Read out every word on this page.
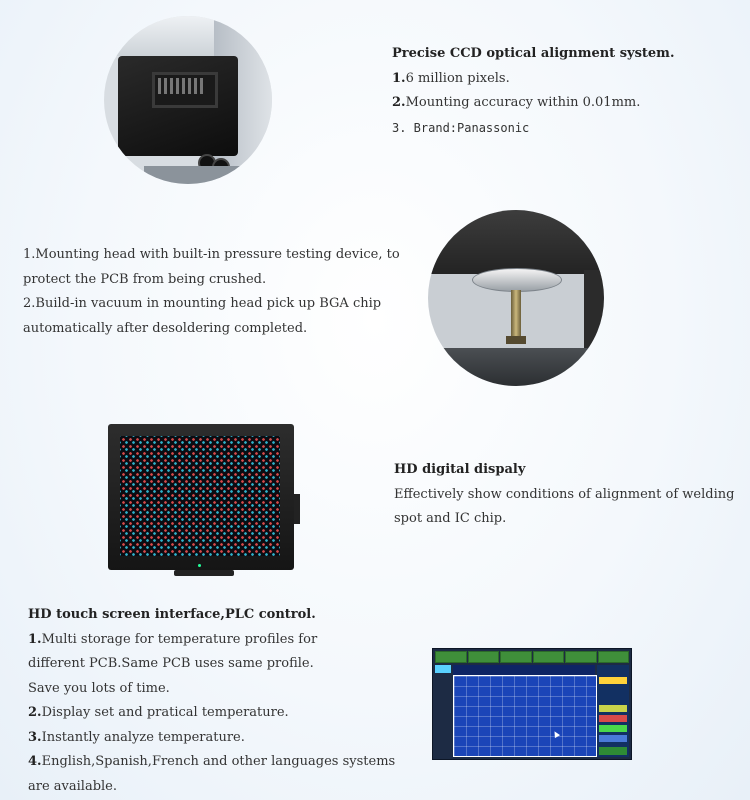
Precise CCD optical alignment system.
1.6 million pixels.
2.Mounting accuracy within 0.01mm.
3. Brand:Panassonic
1.Mounting head with built-in pressure testing device, to
protect the PCB from being crushed.
2.Build-in vacuum in mounting head pick up BGA chip
automatically after desoldering completed.
HD digital dispaly
Effectively show conditions of alignment of welding
spot and IC chip.
HD touch screen interface,PLC control.
1.Multi storage for temperature profiles for
different PCB.Same PCB uses same profile.
Save you lots of time.
2.Display set and pratical temperature.
3.Instantly analyze temperature.
4.English,Spanish,French and other languages systems
are available.
